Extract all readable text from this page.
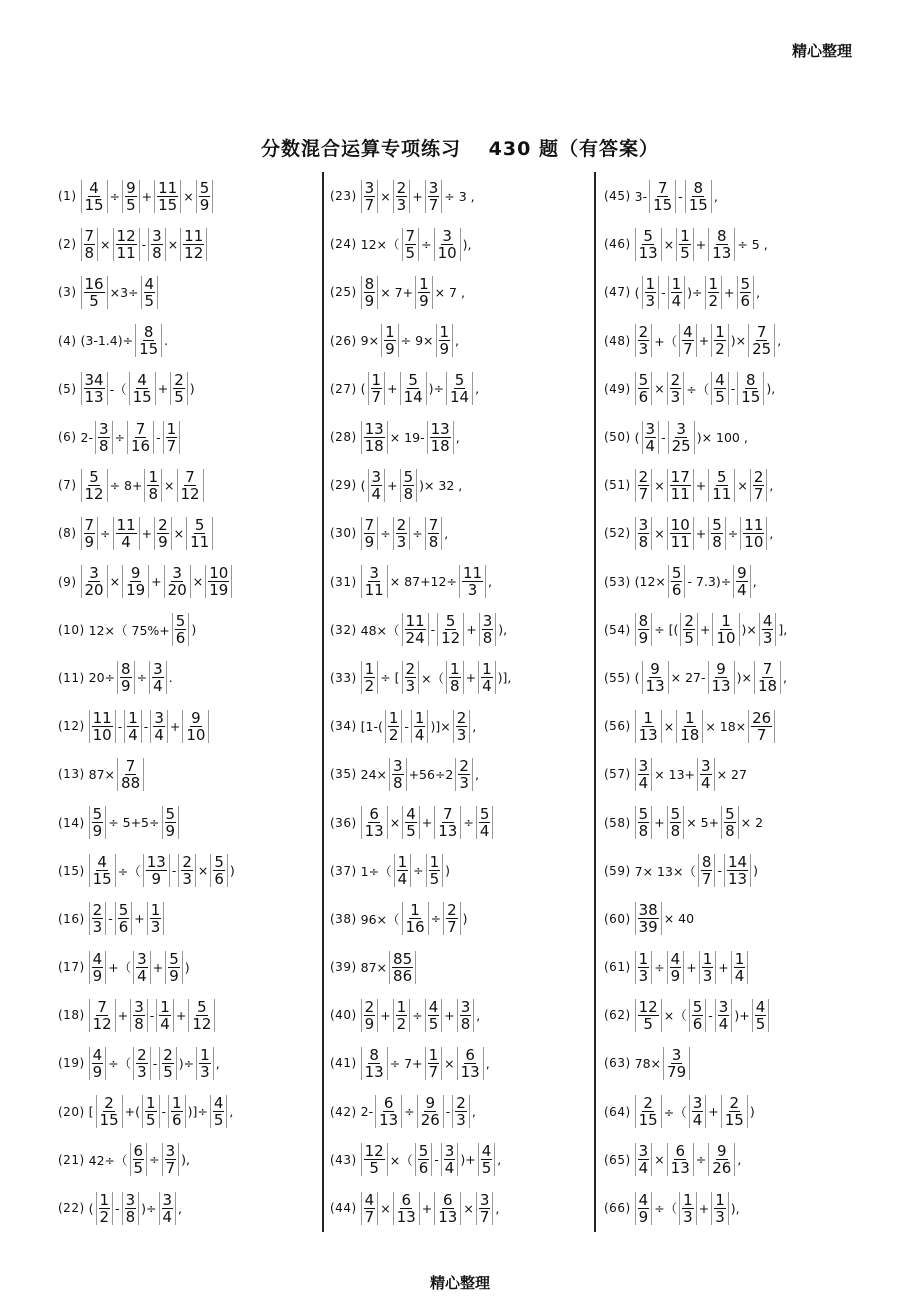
精心整理
分数混合运算专项练习　 430 题（有答案）
$(1) \frac{4}{15} \div \frac{9}{5} + \frac{11}{15} \times \frac{5}{9}$
$(2) \frac{7}{8} \times \frac{12}{11} - \frac{3}{8} \times \frac{11}{12}$
$(3) \frac{16}{5} \times 3\div \frac{4}{5}$
(4) $(3-1.4)\div \frac{8}{15}$ .
$(5) \frac{34}{13}$ -（ $\frac{4}{15} + \frac{2}{5}$ )
(6) $2- \frac{3}{8} \div \frac{7}{16} - \frac{1}{7}$
$(7) \frac{5}{12} \div 8+ \frac{1}{8} \times \frac{7}{12}$
$(8) \frac{7}{9} \div \frac{11}{4} + \frac{2}{9} \times \frac{5}{11}$
$(9) \frac{3}{20} \times \frac{9}{19} + \frac{3}{20} \times \frac{10}{19}$
(10) 12×（ $75\%+ \frac{5}{6}$ )
(11) $20\div \frac{8}{9} \div \frac{3}{4}$ .
$(12) \frac{11}{10} - \frac{1}{4} - \frac{3}{4} + \frac{9}{10}$
(13) $87\times \frac{7}{88}$
$(14) \frac{5}{9} \div 5+5\div \frac{5}{9}$
$(15) \frac{4}{15}$ ÷（ $\frac{13}{9} - \frac{2}{3} \times \frac{5}{6}$ )
$(16) \frac{2}{3} - \frac{5}{6} + \frac{1}{3}$
$(17) \frac{4}{9}$ +（ $\frac{3}{4} + \frac{5}{9}$ )
$(18) \frac{7}{12} + \frac{3}{8} - \frac{1}{4} + \frac{5}{12}$
$(19) \frac{4}{9}$ ÷（ $\frac{2}{3} - \frac{2}{5}$ )÷ $\frac{1}{3}$ ,
(20) [ $\frac{2}{15}$ +( $\frac{1}{5} - \frac{1}{6}$ )]÷ $\frac{4}{5}$ ,
(21) $42\div( \frac{6}{5} \div \frac{3}{7}$ ),
(22) ( $\frac{1}{2} - \frac{3}{8}$ )÷ $\frac{3}{4}$ ,
$(23) \frac{3}{7} \times \frac{2}{3} + \frac{3}{7} \div 3$ ,
(24) $12\times( \frac{7}{5} \div \frac{3}{10}$ ),
$(25) \frac{8}{9} \times 7+ \frac{1}{9} \times 7$ ,
(26) $9\times \frac{1}{9} \div 9\times \frac{1}{9}$ ,
(27) ( $\frac{1}{7} + \frac{5}{14}$ )÷ $\frac{5}{14}$ ,
$(28) \frac{13}{18} \times 19- \frac{13}{18}$ ,
(29) ( $\frac{3}{4} + \frac{5}{8}$ )× 32 ,
$(30) \frac{7}{9} \div \frac{2}{3} \div \frac{7}{8}$ ,
$(31) \frac{3}{11} \times 87+12\div \frac{11}{3}$ ,
(32) $48\times( \frac{11}{24} - \frac{5}{12} + \frac{3}{8}$ ),
$(33) \frac{1}{2}$ ÷ [ $\frac{2}{3}$ ×（ $\frac{1}{8} + \frac{1}{4}$ )],
(34) [$1-( \frac{1}{2} - \frac{1}{4}$ )]× $\frac{2}{3}$ ,
(35) $24\times \frac{3}{8} +56\div 2 \frac{2}{3}$ ,
$(36) \frac{6}{13} \times \frac{4}{5} + \frac{7}{13} \div \frac{5}{4}$
(37) $1\div( \frac{1}{4} \div \frac{1}{5}$ )
(38) $96\times( \frac{1}{16} \div \frac{2}{7}$ )
(39) $87\times \frac{85}{86}$
$(40) \frac{2}{9} + \frac{1}{2} \div \frac{4}{5} + \frac{3}{8}$ ,
$(41) \frac{8}{13} \div 7+ \frac{1}{7} \times \frac{6}{13}$ ,
(42) $2- \frac{6}{13} \div \frac{9}{26} - \frac{2}{3}$ ,
$(43) \frac{12}{5}$ ×（ $\frac{5}{6} - \frac{3}{4}$ )+ $\frac{4}{5}$ ,
$(44) \frac{4}{7} \times \frac{6}{13} + \frac{6}{13} \times \frac{3}{7}$ ,
(45) $3- \frac{7}{15} - \frac{8}{15}$ ,
$(46) \frac{5}{13} \times \frac{1}{5} + \frac{8}{13} \div 5$ ,
(47) ( $\frac{1}{3} - \frac{1}{4}$ )÷ $\frac{1}{2} + \frac{5}{6}$ ,
$(48) \frac{2}{3}$ +（ $\frac{4}{7} + \frac{1}{2}$ )× $\frac{7}{25}$ ,
$(49) \frac{5}{6} \times \frac{2}{3}$ ÷（ $\frac{4}{5} - \frac{8}{15}$ ),
(50) ( $\frac{3}{4} - \frac{3}{25}$ )× 100 ,
$(51) \frac{2}{7} \times \frac{17}{11} + \frac{5}{11} \times \frac{2}{7}$ ,
$(52) \frac{3}{8} \times \frac{10}{11} + \frac{5}{8} \div \frac{11}{10}$ ,
(53) $(12\times \frac{5}{6} - 7.3)\div \frac{9}{4}$ ,
$(54) \frac{8}{9}$ ÷ [( $\frac{2}{5} + \frac{1}{10}$ )× $\frac{4}{3}$ ],
(55) ( $\frac{9}{13} \times 27- \frac{9}{13}$ )× $\frac{7}{18}$ ,
$(56) \frac{1}{13} \times \frac{1}{18} \times 18\times \frac{26}{7}$
$(57) \frac{3}{4} \times 13+ \frac{3}{4} \times 27$
$(58) \frac{5}{8} + \frac{5}{8} \times 5+ \frac{5}{8} \times 2$
(59) $7\times 13\times( \frac{8}{7} - \frac{14}{13}$ )
$(60) \frac{38}{39} \times 40$
$(61) \frac{1}{3} \div \frac{4}{9} + \frac{1}{3} + \frac{1}{4}$
$(62) \frac{12}{5}$ ×（ $\frac{5}{6} - \frac{3}{4}$ )+ $\frac{4}{5}$
(63) $78\times \frac{3}{79}$
$(64) \frac{2}{15}$ ÷（ $\frac{3}{4} + \frac{2}{15}$ )
$(65) \frac{3}{4} \times \frac{6}{13} \div \frac{9}{26}$ ,
$(66) \frac{4}{9}$ ÷（ $\frac{1}{3} + \frac{1}{3}$ ),
精心整理
